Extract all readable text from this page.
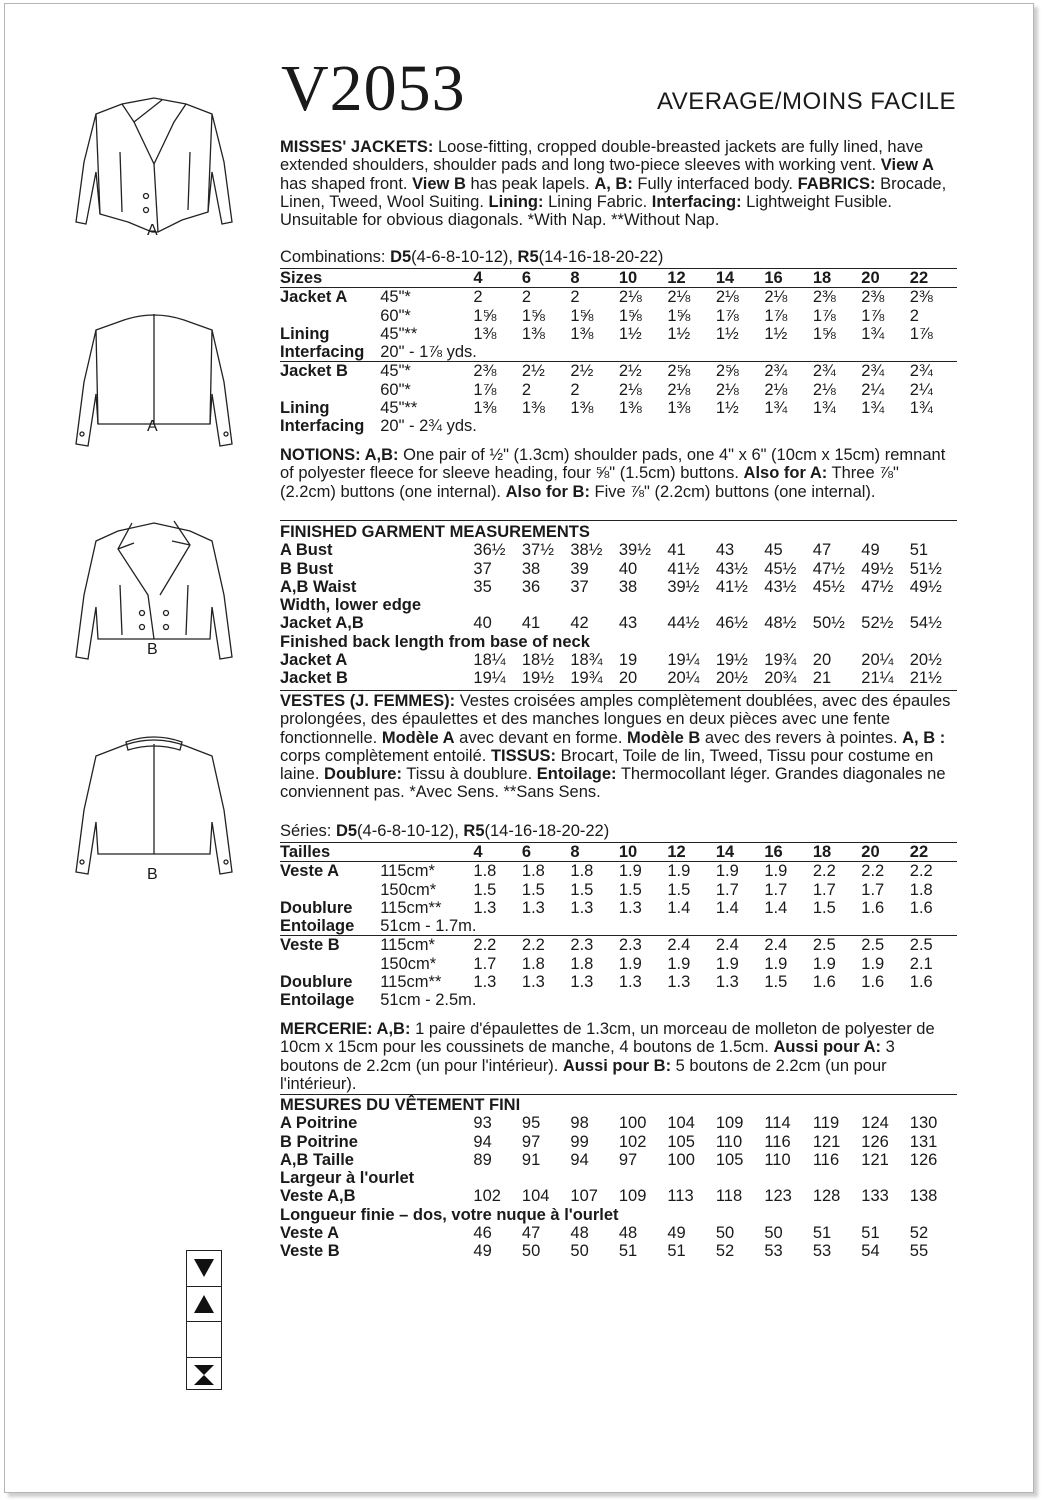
V2053	AVERAGE/MOINS FACILE
A
A
B
B

MISSES' JACKETS: Loose-fitting, cropped double-breasted jackets are fully lined, have extended shoulders, shoulder pads and long two-piece sleeves with working vent. View A has shaped front. View B has peak lapels. A, B: Fully interfaced body. FABRICS: Brocade, Linen, Tweed, Wool Suiting. Lining: Lining Fabric. Interfacing: Lightweight Fusible. Unsuitable for obvious diagonals. *With Nap. **Without Nap.

Combinations: D5(4-6-8-10-12), R5(14-16-18-20-22)
Sizes		4	6	8	10	12	14	16	18	20	22
Jacket A	45"*	2	2	2	2⅛	2⅛	2⅛	2⅛	2⅜	2⅜	2⅜
	60"*	1⅝	1⅝	1⅝	1⅝	1⅝	1⅞	1⅞	1⅞	1⅞	2
Lining	45"**	1⅜	1⅜	1⅜	1½	1½	1½	1½	1⅝	1¾	1⅞
Interfacing	20" - 1⅞ yds.										
Jacket B	45"*	2⅜	2½	2½	2½	2⅝	2⅝	2¾	2¾	2¾	2¾
	60"*	1⅞	2	2	2⅛	2⅛	2⅛	2⅛	2⅛	2¼	2¼
Lining	45"**	1⅜	1⅜	1⅜	1⅜	1⅜	1½	1¾	1¾	1¾	1¾
Interfacing	20" - 2¾ yds.										

NOTIONS: A,B: One pair of ½" (1.3cm) shoulder pads, one 4" x 6" (10cm x 15cm) remnant of polyester fleece for sleeve heading, four ⅝" (1.5cm) buttons. Also for A: Three ⅞" (2.2cm) buttons (one internal). Also for B: Five ⅞" (2.2cm) buttons (one internal).

FINISHED GARMENT MEASUREMENTS										
A Bust	36½	37½	38½	39½	41	43	45	47	49	51
B Bust	37	38	39	40	41½	43½	45½	47½	49½	51½
A,B Waist	35	36	37	38	39½	41½	43½	45½	47½	49½
Width, lower edge										
Jacket A,B	40	41	42	43	44½	46½	48½	50½	52½	54½
Finished back length from base of neck										
Jacket A	18¼	18½	18¾	19	19¼	19½	19¾	20	20¼	20½
Jacket B	19¼	19½	19¾	20	20¼	20½	20¾	21	21¼	21½

VESTES (J. FEMMES): Vestes croisées amples complètement doublées, avec des épaules prolongées, des épaulettes et des manches longues en deux pièces avec une fente fonctionnelle. Modèle A avec devant en forme. Modèle B avec des revers à pointes. A, B : corps complètement entoilé. TISSUS: Brocart, Toile de lin, Tweed, Tissu pour costume en laine. Doublure: Tissu à doublure. Entoilage: Thermocollant léger. Grandes diagonales ne conviennent pas. *Avec Sens. **Sans Sens.

Séries: D5(4-6-8-10-12), R5(14-16-18-20-22)
Tailles		4	6	8	10	12	14	16	18	20	22
Veste A	115cm*	1.8	1.8	1.8	1.9	1.9	1.9	1.9	2.2	2.2	2.2
	150cm*	1.5	1.5	1.5	1.5	1.5	1.7	1.7	1.7	1.7	1.8
Doublure	115cm**	1.3	1.3	1.3	1.3	1.4	1.4	1.4	1.5	1.6	1.6
Entoilage	51cm - 1.7m.										
Veste B	115cm*	2.2	2.2	2.3	2.3	2.4	2.4	2.4	2.5	2.5	2.5
	150cm*	1.7	1.8	1.8	1.9	1.9	1.9	1.9	1.9	1.9	2.1
Doublure	115cm**	1.3	1.3	1.3	1.3	1.3	1.3	1.5	1.6	1.6	1.6
Entoilage	51cm - 2.5m.										

MERCERIE: A,B: 1 paire d'épaulettes de 1.3cm, un morceau de molleton de polyester de 10cm x 15cm pour les coussinets de manche, 4 boutons de 1.5cm. Aussi pour A: 3 boutons de 2.2cm (un pour l'intérieur). Aussi pour B: 5 boutons de 2.2cm (un pour l'intérieur).

MESURES DU VÊTEMENT FINI										
A Poitrine	93	95	98	100	104	109	114	119	124	130
B Poitrine	94	97	99	102	105	110	116	121	126	131
A,B Taille	89	91	94	97	100	105	110	116	121	126
Largeur à l'ourlet										
Veste A,B	102	104	107	109	113	118	123	128	133	138
Longueur finie – dos, votre nuque à l'ourlet										
Veste A	46	47	48	48	49	50	50	51	51	52
Veste B	49	50	50	51	51	52	53	53	54	55
